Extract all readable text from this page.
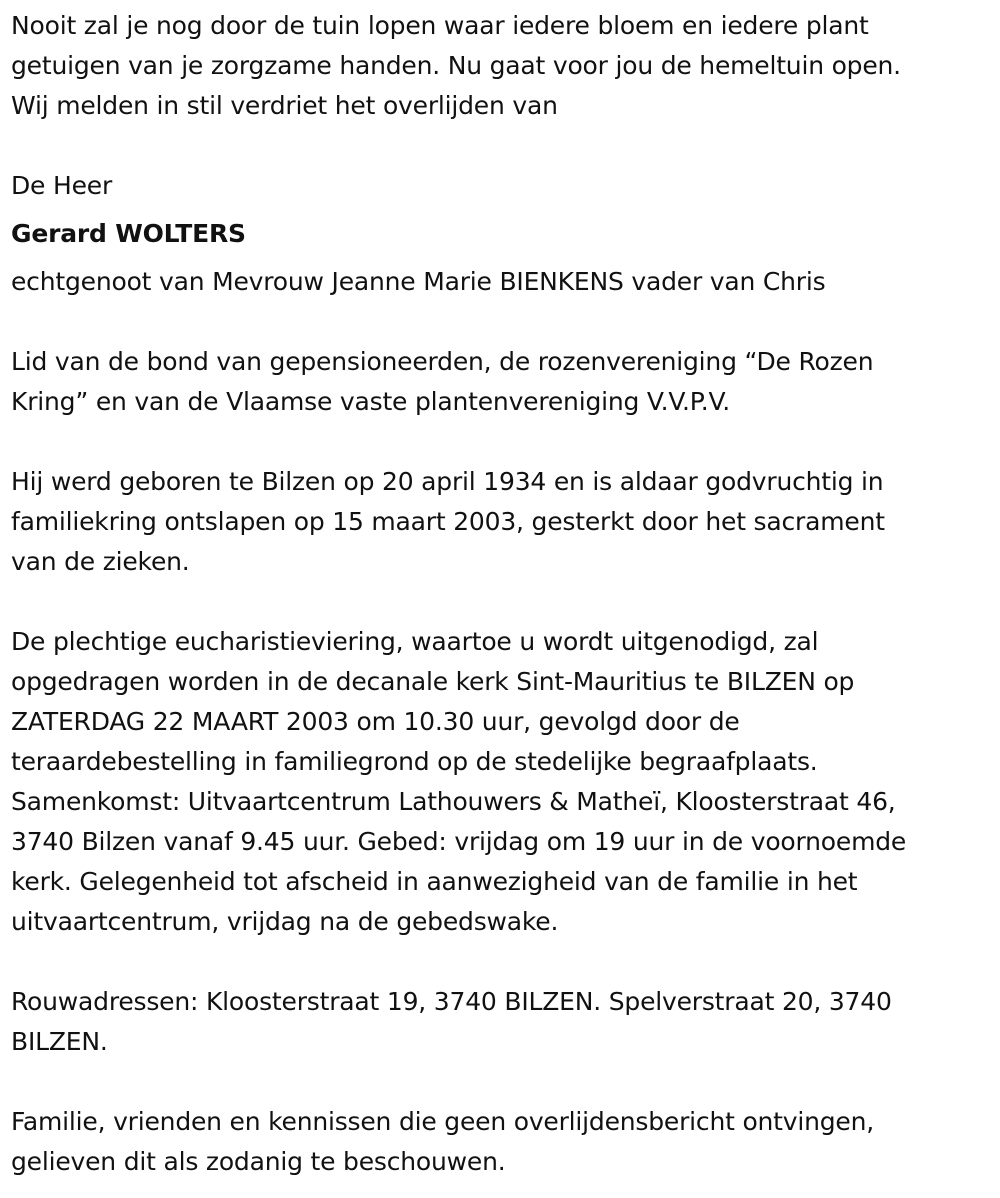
Nooit zal je nog door de tuin lopen waar iedere bloem en iedere plant
getuigen van je zorgzame handen. Nu gaat voor jou de hemeltuin open.
Wij melden in stil verdriet het overlijden van
De Heer
Gerard WOLTERS
echtgenoot van Mevrouw Jeanne Marie BIENKENS vader van Chris
Lid van de bond van gepensioneerden, de rozenvereniging “De Rozen
Kring” en van de Vlaamse vaste plantenvereniging V.V.P.V.
Hij werd geboren te Bilzen op 20 april 1934 en is aldaar godvruchtig in
familiekring ontslapen op 15 maart 2003, gesterkt door het sacrament
van de zieken.
De plechtige eucharistieviering, waartoe u wordt uitgenodigd, zal
opgedragen worden in de decanale kerk Sint-Mauritius te BILZEN op
ZATERDAG 22 MAART 2003 om 10.30 uur, gevolgd door de
teraardebestelling in familiegrond op de stedelijke begraafplaats.
Samenkomst: Uitvaartcentrum Lathouwers & Matheï, Kloosterstraat 46,
3740 Bilzen vanaf 9.45 uur. Gebed: vrijdag om 19 uur in de voornoemde
kerk. Gelegenheid tot afscheid in aanwezigheid van de familie in het
uitvaartcentrum, vrijdag na de gebedswake.
Rouwadressen: Kloosterstraat 19, 3740 BILZEN. Spelverstraat 20, 3740
BILZEN.
Familie, vrienden en kennissen die geen overlijdensbericht ontvingen,
gelieven dit als zodanig te beschouwen.
